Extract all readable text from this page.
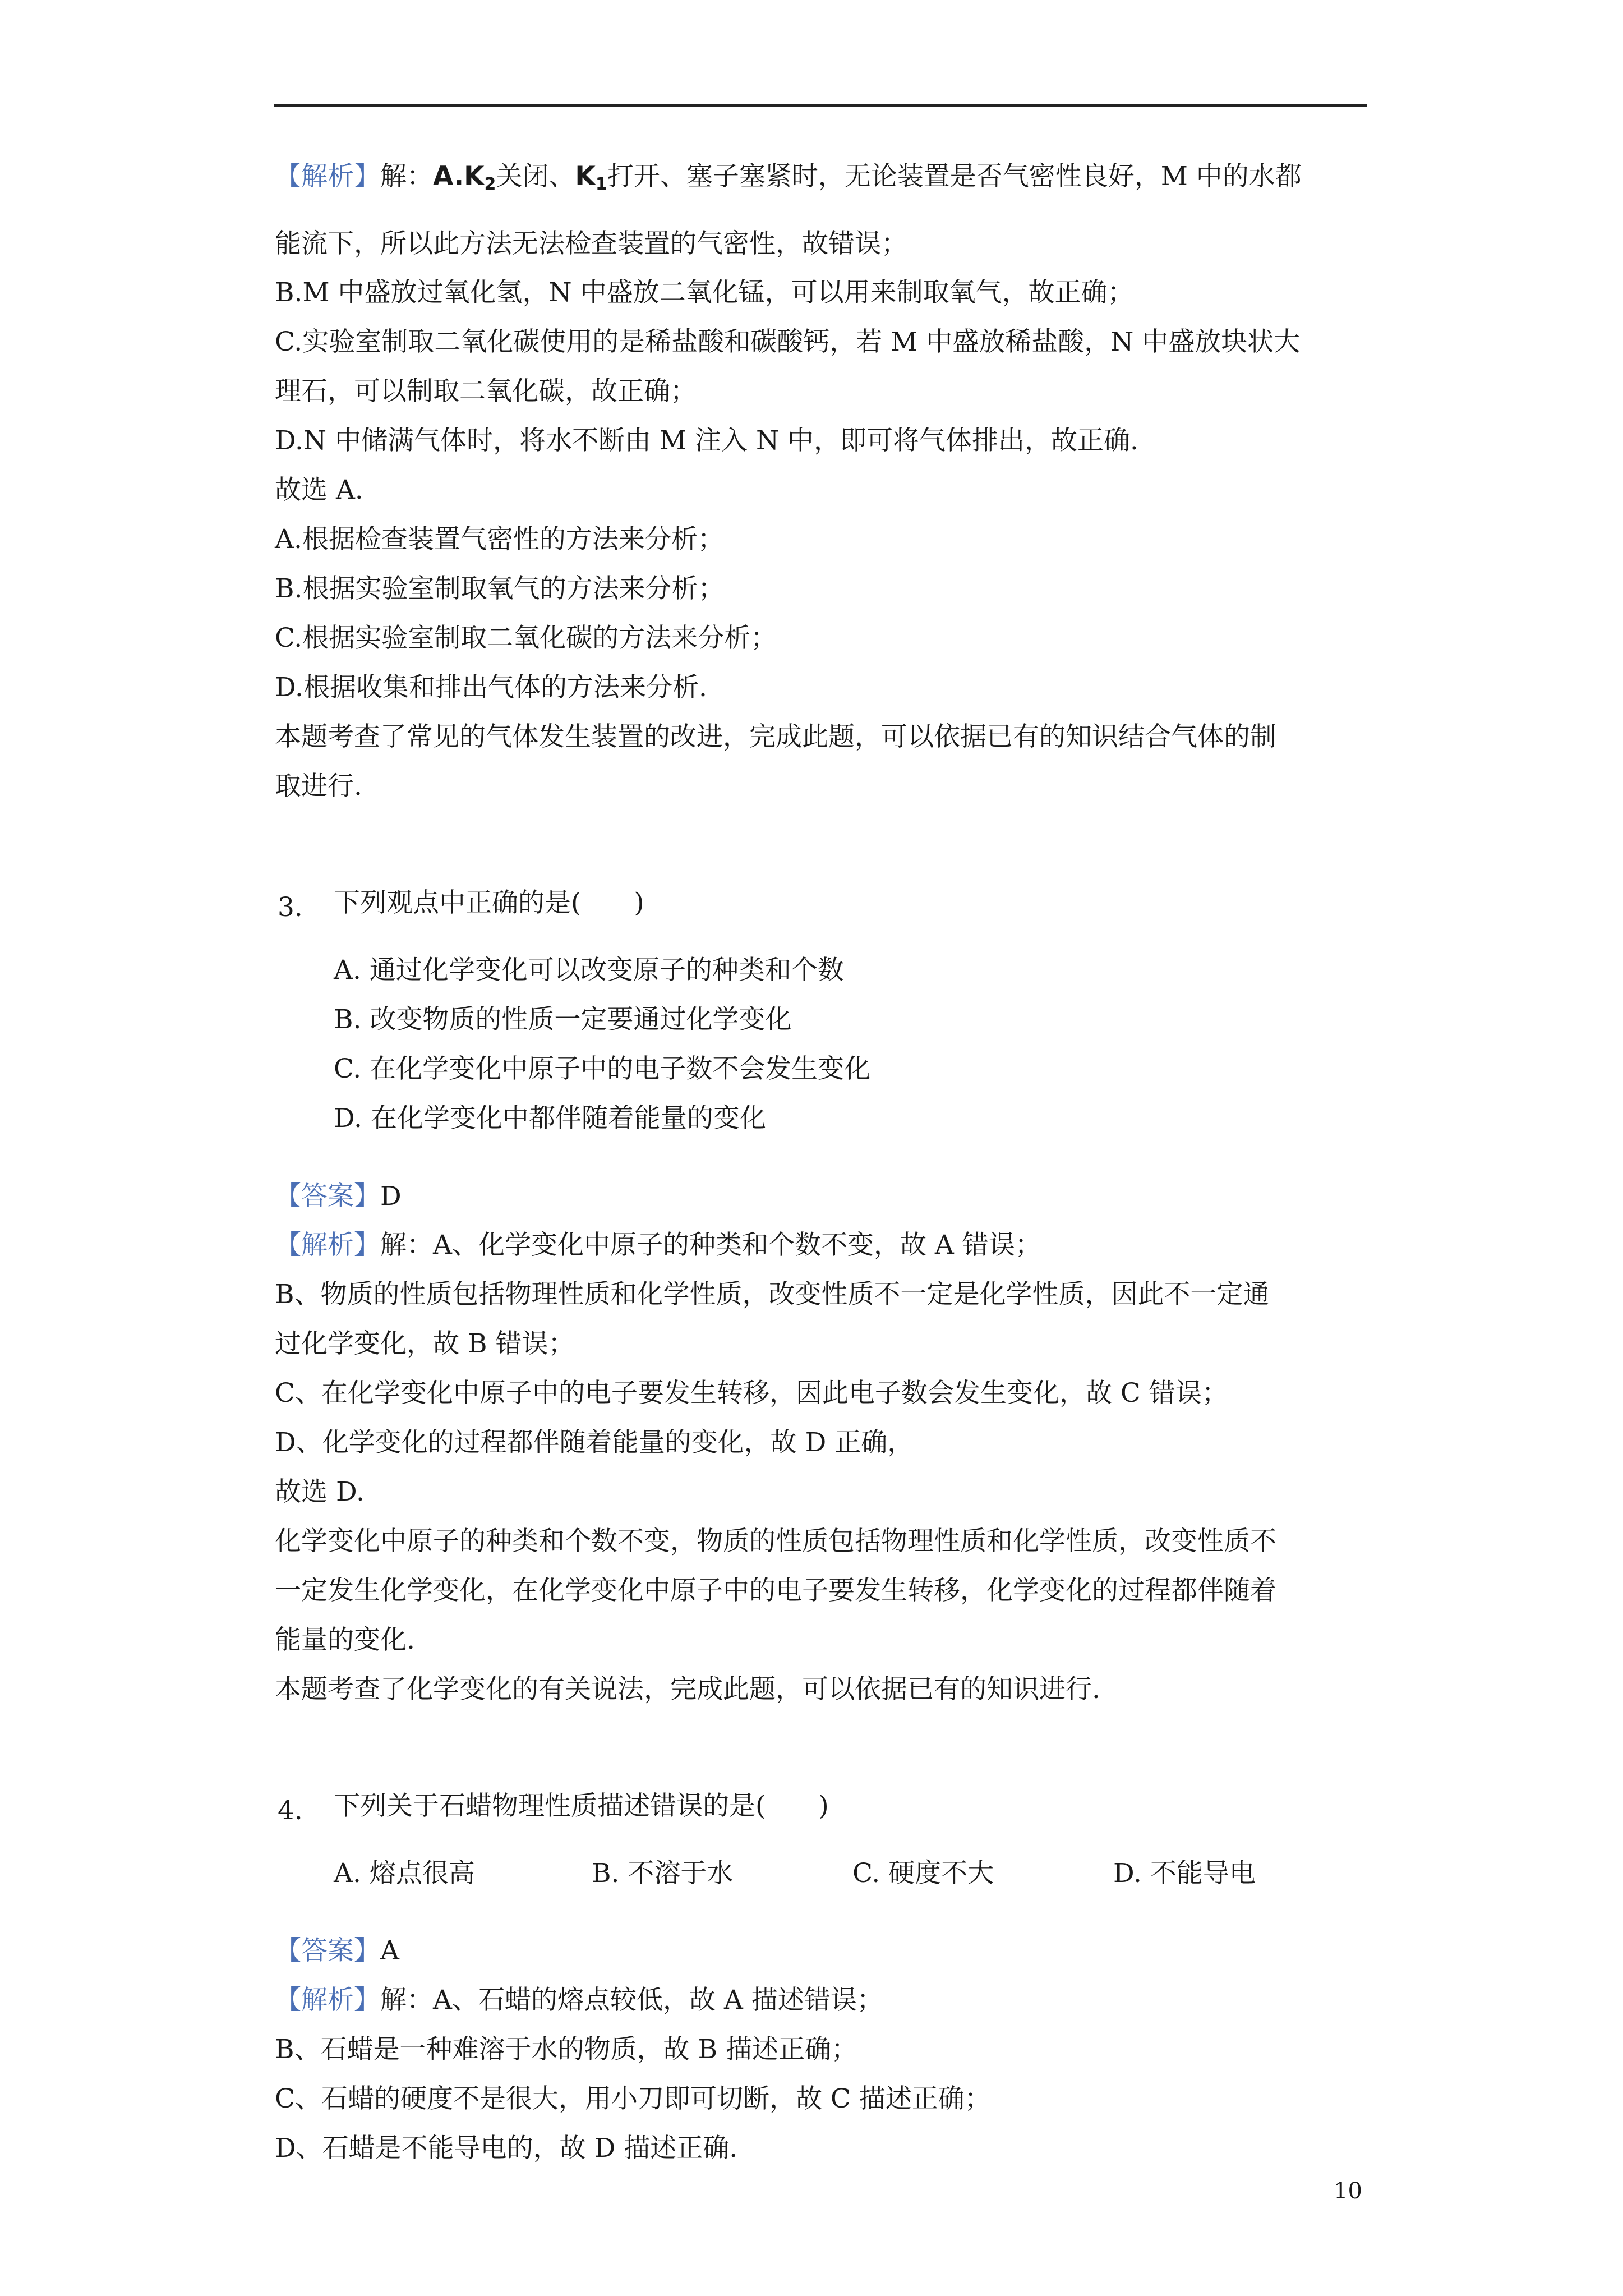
【解析】解：$A.K_2$关闭、$K_1$打开、塞子塞紧时，无论装置是否气密性良好，M 中的水都
能流下，所以此方法无法检查装置的气密性，故错误；
B.M 中盛放过氧化氢，N 中盛放二氧化锰，可以用来制取氧气，故正确；
C.实验室制取二氧化碳使用的是稀盐酸和碳酸钙，若 M 中盛放稀盐酸，N 中盛放块状大
理石，可以制取二氧化碳，故正确；
D.N 中储满气体时，将水不断由 M 注入 N 中，即可将气体排出，故正确.
故选 A.
A.根据检查装置气密性的方法来分析；
B.根据实验室制取氧气的方法来分析；
C.根据实验室制取二氧化碳的方法来分析；
D.根据收集和排出气体的方法来分析.
本题考查了常见的气体发生装置的改进，完成此题，可以依据已有的知识结合气体的制
取进行.
3. 下列观点中正确的是(　　)
A. 通过化学变化可以改变原子的种类和个数
B. 改变物质的性质一定要通过化学变化
C. 在化学变化中原子中的电子数不会发生变化
D. 在化学变化中都伴随着能量的变化
【答案】D
【解析】解：A、化学变化中原子的种类和个数不变，故 A 错误；
B、物质的性质包括物理性质和化学性质，改变性质不一定是化学性质，因此不一定通
过化学变化，故 B 错误；
C、在化学变化中原子中的电子要发生转移，因此电子数会发生变化，故 C 错误；
D、化学变化的过程都伴随着能量的变化，故 D 正确，
故选 D.
化学变化中原子的种类和个数不变，物质的性质包括物理性质和化学性质，改变性质不
一定发生化学变化，在化学变化中原子中的电子要发生转移，化学变化的过程都伴随着
能量的变化.
本题考查了化学变化的有关说法，完成此题，可以依据已有的知识进行.
4. 下列关于石蜡物理性质描述错误的是(　　)
A. 熔点很高	B. 不溶于水	C. 硬度不大	D. 不能导电
【答案】A
【解析】解：A、石蜡的熔点较低，故 A 描述错误；
B、石蜡是一种难溶于水的物质，故 B 描述正确；
C、石蜡的硬度不是很大，用小刀即可切断，故 C 描述正确；
D、石蜡是不能导电的，故 D 描述正确.
10
